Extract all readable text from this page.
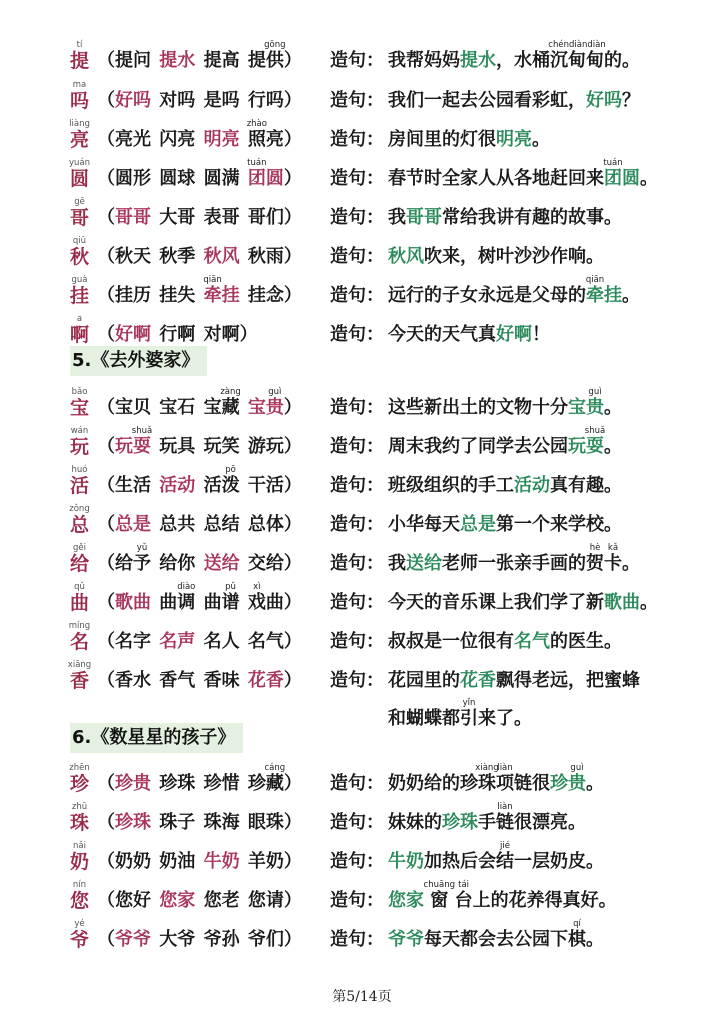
提
tí
（提问 提水 提高 提供
gōng
） 造句： 我帮妈妈提水，水桶沉甸
chéndiàndiàn
甸的。
吗
ma
（好吗 对吗 是吗 行吗） 造句： 我们一起去公园看彩虹，好吗？
亮
liàng
（亮光 闪亮 明亮 照
zhào
亮） 造句： 房间里的灯很明亮。
圆
yuán
（圆形 圆球 圆满 团
tuán
圆） 造句： 春节时全家人从各地赶回来团
tuán
圆。
哥
gē
（哥哥 大哥 表哥 哥们） 造句： 我哥哥常给我讲有趣的故事。
秋
qiū
（秋天 秋季 秋风 秋雨） 造句： 秋风吹来，树叶沙沙作响。
挂
guà
（挂历 挂失 牵
qiān
挂 挂念） 造句： 远行的子女永远是父母的牵
qiān
挂。
啊
a
（好啊 行啊 对啊）	造句： 今天的天气真好啊！
5.《去外婆家》
宝
bǎo
（宝贝 宝石 宝藏
zàng
宝贵
guì
） 造句： 这些新出土的文物十分宝贵
guì
。
玩
wán
（玩耍
shuǎ
玩具 玩笑 游玩） 造句： 周末我约了同学去公园玩耍
shuǎ
。
活
huó
（生活 活动 活泼
pō
干活） 造句： 班级组织的手工活动真有趣。
总
zǒng
（总是 总共 总结 总体） 造句： 小华每天总是第一个来学校。
给
gěi
（给予
yǔ
给你 送给 交给） 造句： 我送给老师一张亲手画的贺
hè
卡
kǎ
。
曲
qǔ
（歌曲 曲调
diào
曲谱
pǔ
戏
xì
曲） 造句： 今天的音乐课上我们学了新歌曲。
名
míng
（名字 名声 名人 名气） 造句： 叔叔是一位很有名气的医生。
香
xiāng
（香水 香气 香味 花香） 造句： 花园里的花香飘得老远，把蜜蜂
和蝴蝶都引
yǐn
来了。
6.《数星星的孩子》
珍
zhēn
（珍贵 珍珠 珍惜 珍藏
cáng
） 造句： 奶奶给的珍珠
xiàng
项
liàn
链很珍贵
guì
。
珠
zhū
（珍珠 珠子 珠海 眼珠） 造句： 妹妹的珍珠手链
liàn
很漂亮。
奶
nǎi
（奶奶 奶油 牛奶 羊奶） 造句： 牛奶加热后会结
jié
一层奶皮。
您
nín
（您好 您家 您老 您请） 造句： 您家 窗
chuāng
台
tái
上的花养得真好。
爷
yé
（爷爷 大爷 爷孙 爷们） 造句： 爷爷每天都会去公园下棋
qí
。
第5/14页
